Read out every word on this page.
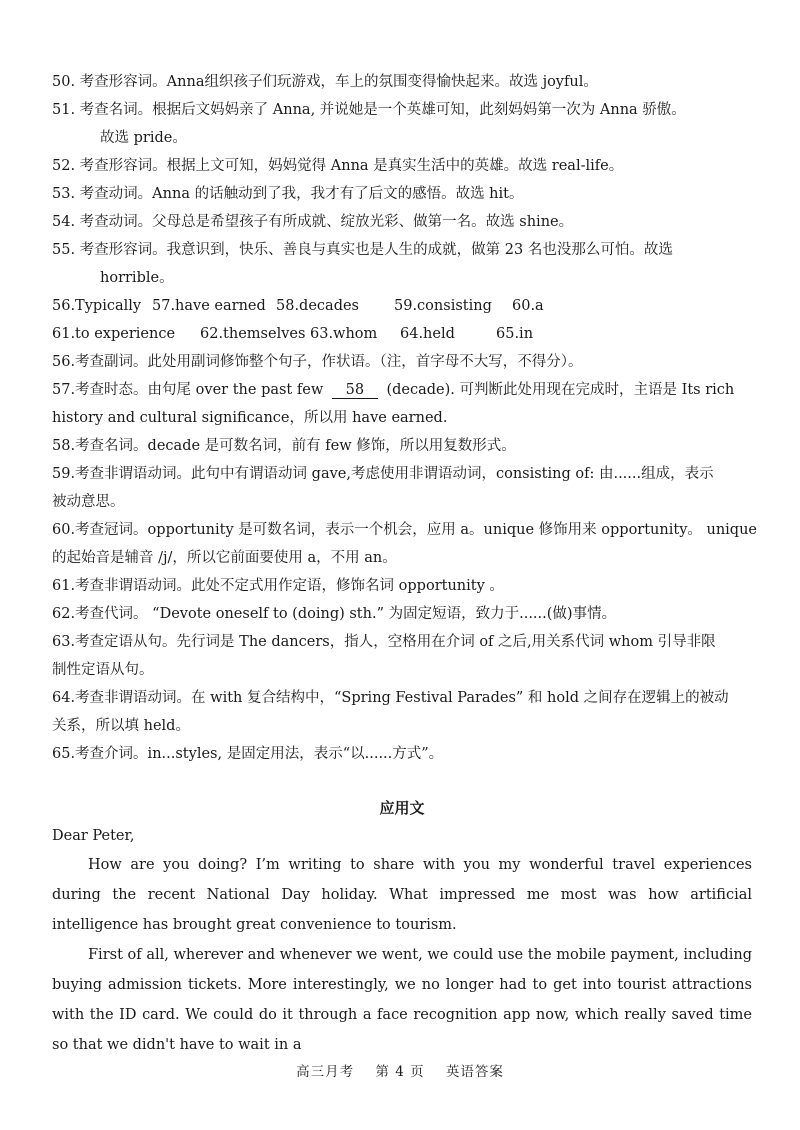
50. 考查形容词。Anna组织孩子们玩游戏，车上的氛围变得愉快起来。故选 joyful。
51. 考查名词。根据后文妈妈亲了 Anna, 并说她是一个英雄可知，此刻妈妈第一次为 Anna 骄傲。
故选 pride。
52. 考查形容词。根据上文可知，妈妈觉得 Anna 是真实生活中的英雄。故选 real-life。
53. 考查动词。Anna 的话触动到了我，我才有了后文的感悟。故选 hit。
54. 考查动词。父母总是希望孩子有所成就、绽放光彩、做第一名。故选 shine。
55. 考查形容词。我意识到，快乐、善良与真实也是人生的成就，做第 23 名也没那么可怕。故选
horrible。
56.Typically 57.have earned 58.decades	59.consisting	60.a
61.to experience	62.themselves 63.whom	64.held	65.in
56.考查副词。此处用副词修饰整个句子，作状语。（注，首字母不大写，不得分）。
57.考查时态。由句尾 over the past few 58 (decade). 可判断此处用现在完成时，主语是 Its rich
history and cultural significance，所以用 have earned.
58.考查名词。decade 是可数名词，前有 few 修饰，所以用复数形式。
59.考查非谓语动词。此句中有谓语动词 gave,考虑使用非谓语动词，consisting of: 由......组成，表示
被动意思。
60.考查冠词。opportunity 是可数名词，表示一个机会，应用 a。unique 修饰用来 opportunity。 unique
的起始音是辅音 /j/，所以它前面要使用 a，不用 an。
61.考查非谓语动词。此处不定式用作定语，修饰名词 opportunity 。
62.考查代词。 “Devote oneself to (doing) sth.” 为固定短语，致力于......(做)事情。
63.考查定语从句。先行词是 The dancers，指人，空格用在介词 of 之后,用关系代词 whom 引导非限
制性定语从句。
64.考查非谓语动词。在 with 复合结构中，“Spring Festival Parades” 和 hold 之间存在逻辑上的被动
关系，所以填 held。
65.考查介词。in...styles, 是固定用法，表示“以......方式”。
应用文
Dear Peter,
How are you doing? I’m writing to share with you my wonderful travel experiences during the recent National Day holiday. What impressed me most was how artificial intelligence has brought great convenience to tourism.
First of all, wherever and whenever we went, we could use the mobile payment, including buying admission tickets. More interestingly, we no longer had to get into tourist attractions with the ID card. We could do it through a face recognition app now, which really saved time so that we didn't have to wait in a
高三月考 第 4 页 英语答案
